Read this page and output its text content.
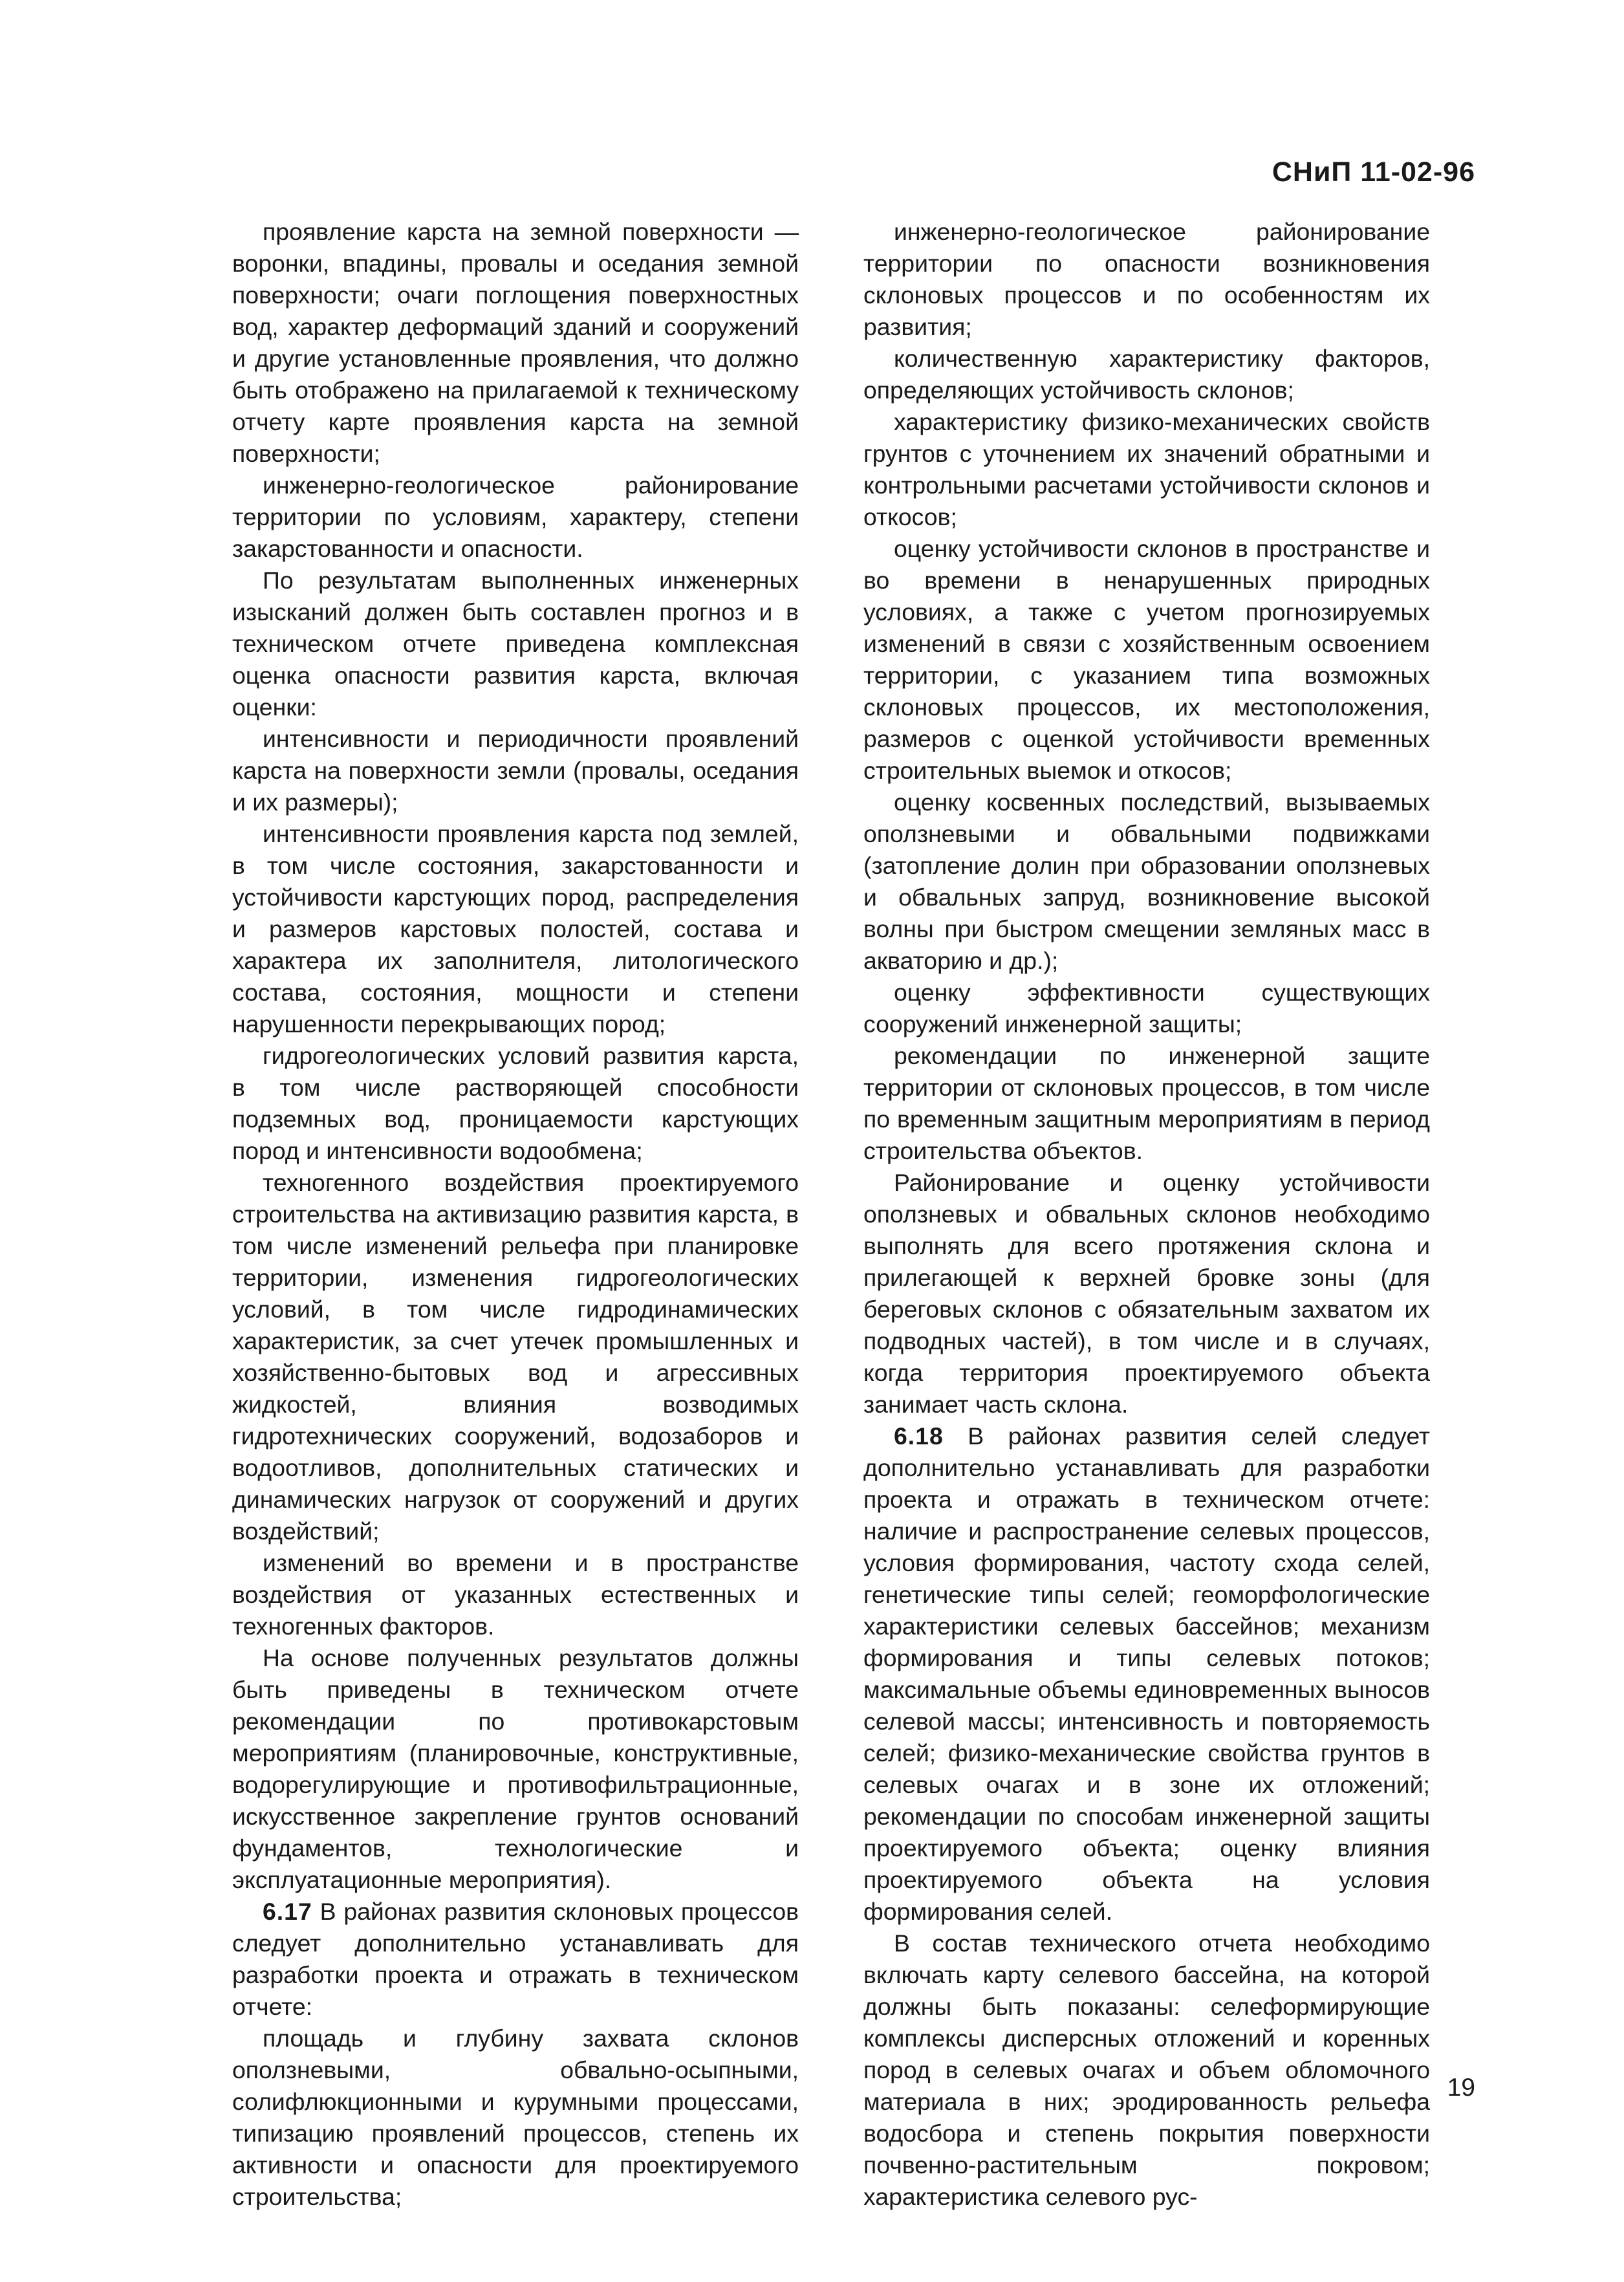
СНиП 11-02-96

проявление карста на земной поверхности — воронки, впадины, провалы и оседания земной поверхности; очаги поглощения поверхностных вод, характер деформаций зданий и сооружений и другие установленные проявления, что должно быть отображено на прилагаемой к техническому отчету карте проявления карста на земной поверхности;

инженерно-геологическое районирование территории по условиям, характеру, степени закарстованности и опасности.

По результатам выполненных инженерных изысканий должен быть составлен прогноз и в техническом отчете приведена комплексная оценка опасности развития карста, включая оценки:

интенсивности и периодичности проявлений карста на поверхности земли (провалы, оседания и их размеры);

интенсивности проявления карста под землей, в том числе состояния, закарстованности и устойчивости карстующих пород, распределения и размеров карстовых полостей, состава и характера их заполнителя, литологического состава, состояния, мощности и степени нарушенности перекрывающих пород;

гидрогеологических условий развития карста, в том числе растворяющей способности подземных вод, проницаемости карстующих пород и интенсивности водообмена;

техногенного воздействия проектируемого строительства на активизацию развития карста, в том числе изменений рельефа при планировке территории, изменения гидрогеологических условий, в том числе гидродинамических характеристик, за счет утечек промышленных и хозяйственно-бытовых вод и агрессивных жидкостей, влияния возводимых гидротехнических сооружений, водозаборов и водоотливов, дополнительных статических и динамических нагрузок от сооружений и других воздействий;

изменений во времени и в пространстве воздействия от указанных естественных и техногенных факторов.

На основе полученных результатов должны быть приведены в техническом отчете рекомендации по противокарстовым мероприятиям (планировочные, конструктивные, водорегулирующие и противофильтрационные, искусственное закрепление грунтов оснований фундаментов, технологические и эксплуатационные мероприятия).

6.17 В районах развития склоновых процессов следует дополнительно устанавливать для разработки проекта и отражать в техническом отчете:

площадь и глубину захвата склонов оползневыми, обвально-осыпными, солифлюкционными и курумными процессами, типизацию проявлений процессов, степень их активности и опасности для проектируемого строительства;

инженерно-геологическое районирование территории по опасности возникновения склоновых процессов и по особенностям их развития;

количественную характеристику факторов, определяющих устойчивость склонов;

характеристику физико-механических свойств грунтов с уточнением их значений обратными и контрольными расчетами устойчивости склонов и откосов;

оценку устойчивости склонов в пространстве и во времени в ненарушенных природных условиях, а также с учетом прогнозируемых изменений в связи с хозяйственным освоением территории, с указанием типа возможных склоновых процессов, их местоположения, размеров с оценкой устойчивости временных строительных выемок и откосов;

оценку косвенных последствий, вызываемых оползневыми и обвальными подвижками (затопление долин при образовании оползневых и обвальных запруд, возникновение высокой волны при быстром смещении земляных масс в акваторию и др.);

оценку эффективности существующих сооружений инженерной защиты;

рекомендации по инженерной защите территории от склоновых процессов, в том числе по временным защитным мероприятиям в период строительства объектов.

Районирование и оценку устойчивости оползневых и обвальных склонов необходимо выполнять для всего протяжения склона и прилегающей к верхней бровке зоны (для береговых склонов с обязательным захватом их подводных частей), в том числе и в случаях, когда территория проектируемого объекта занимает часть склона.

6.18 В районах развития селей следует дополнительно устанавливать для разработки проекта и отражать в техническом отчете: наличие и распространение селевых процессов, условия формирования, частоту схода селей, генетические типы селей; геоморфологические характеристики селевых бассейнов; механизм формирования и типы селевых потоков; максимальные объемы единовременных выносов селевой массы; интенсивность и повторяемость селей; физико-механические свойства грунтов в селевых очагах и в зоне их отложений; рекомендации по способам инженерной защиты проектируемого объекта; оценку влияния проектируемого объекта на условия формирования селей.

В состав технического отчета необходимо включать карту селевого бассейна, на которой должны быть показаны: селеформирующие комплексы дисперсных отложений и коренных пород в селевых очагах и объем обломочного материала в них; эродированность рельефа водосбора и степень покрытия поверхности почвенно-растительным покровом; характеристика селевого рус-

19
